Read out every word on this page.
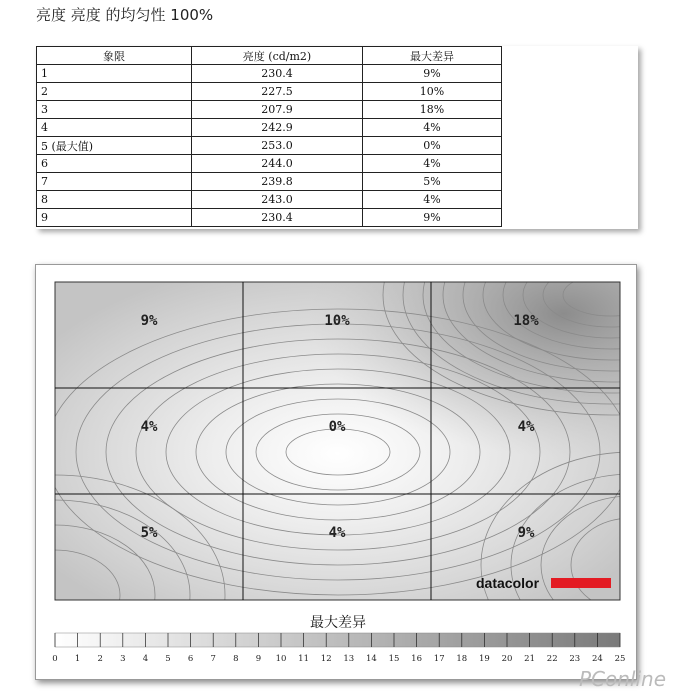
亮度 亮度 的均匀性 100%
象限	亮度 (cd/m2)	最大差异
1	230.4	9%
2	227.5	10%
3	207.9	18%
4	242.9	4%
5 (最大值)	253.0	0%
6	244.0	4%
7	239.8	5%
8	243.0	4%
9	230.4	9%
9%	10%	18%
4%	0%	4%
5%	4%	9%
datacolor
最大差异
0 1 2 3 4 5 6 7 8 9 10 11 12 13 14 15 16 17 18 19 20 21 22 23 24 25
PConline
